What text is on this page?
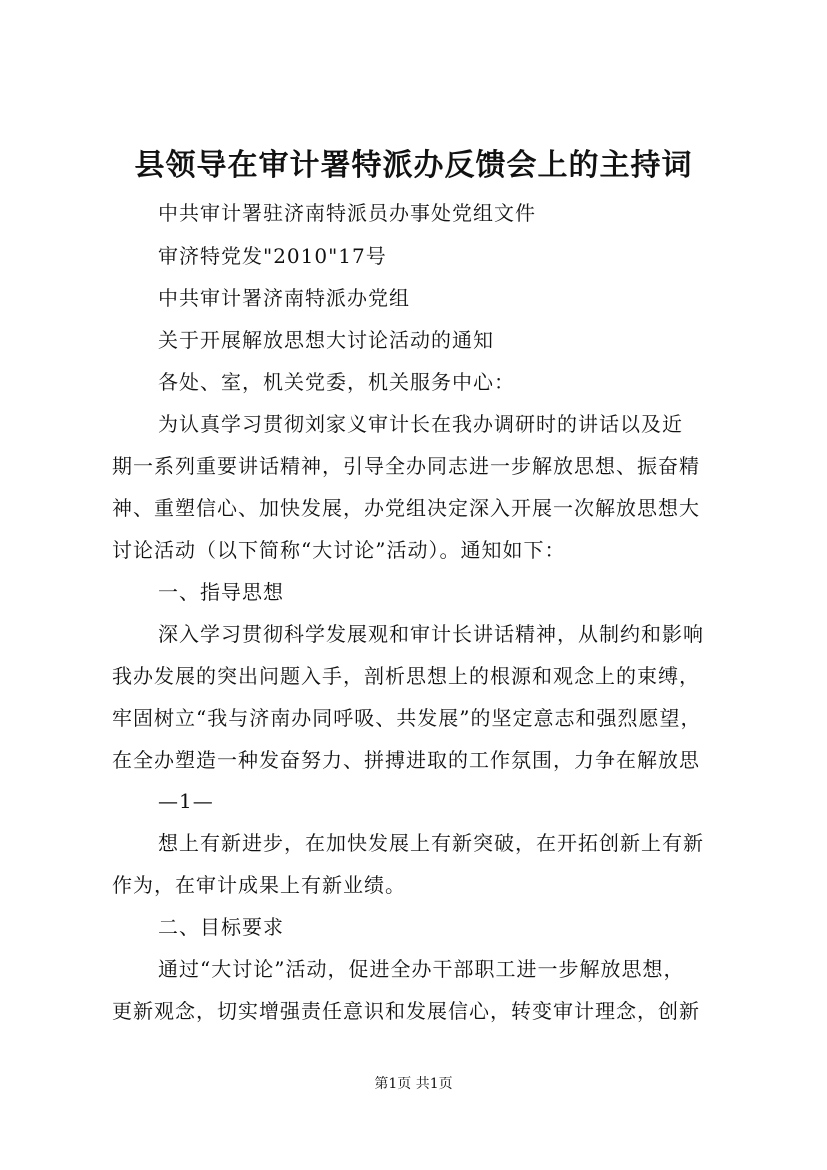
县领导在审计署特派办反馈会上的主持词
中共审计署驻济南特派员办事处党组文件
审济特党发"2010"17号
中共审计署济南特派办党组
关于开展解放思想大讨论活动的通知
各处、室，机关党委，机关服务中心：
为认真学习贯彻刘家义审计长在我办调研时的讲话以及近
期一系列重要讲话精神，引导全办同志进一步解放思想、振奋精
神、重塑信心、加快发展，办党组决定深入开展一次解放思想大
讨论活动（以下简称“大讨论”活动）。通知如下：
一、指导思想
深入学习贯彻科学发展观和审计长讲话精神，从制约和影响
我办发展的突出问题入手，剖析思想上的根源和观念上的束缚，
牢固树立“我与济南办同呼吸、共发展”的坚定意志和强烈愿望，
在全办塑造一种发奋努力、拼搏进取的工作氛围，力争在解放思
—1—
想上有新进步，在加快发展上有新突破，在开拓创新上有新
作为，在审计成果上有新业绩。
二、目标要求
通过“大讨论”活动，促进全办干部职工进一步解放思想，
更新观念，切实增强责任意识和发展信心，转变审计理念，创新
第1页 共1页
